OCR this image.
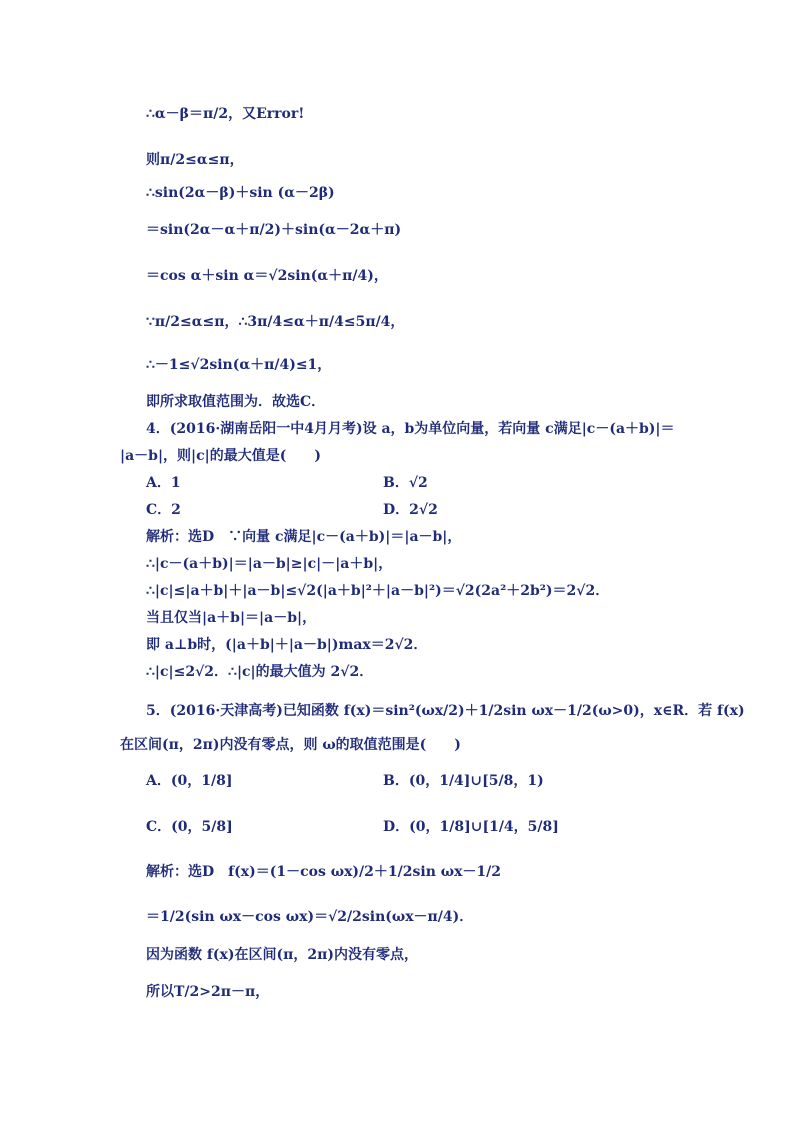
∴α－β＝π/2，又Error!
则π/2≤α≤π，
∴sin(2α－β)＋sin (α－2β)
＝sin(2α－α＋π/2)＋sin(α－2α＋π)
＝cos α＋sin α＝√2sin(α＋π/4)，
∵π/2≤α≤π，∴3π/4≤α＋π/4≤5π/4，
∴－1≤√2sin(α＋π/4)≤1，
即所求取值范围为．故选C．
4．(2016·湖南岳阳一中4月月考)设 a，b为单位向量，若向量 c满足|c－(a＋b)|＝
|a－b|，则|c|的最大值是(　　)
A．1	B．√2
C．2	D．2√2
解析：选D　∵向量 c满足|c－(a＋b)|＝|a－b|，
∴|c－(a＋b)|＝|a－b|≥|c|－|a＋b|，
∴|c|≤|a＋b|＋|a－b|≤√2(|a＋b|²＋|a－b|²)＝√2(2a²＋2b²)＝2√2．
当且仅当|a＋b|＝|a－b|，
即 a⊥b时，(|a＋b|＋|a－b|)max＝2√2．
∴|c|≤2√2．∴|c|的最大值为 2√2．
5．(2016·天津高考)已知函数 f(x)＝sin²(ωx/2)＋1/2sin ωx－1/2(ω>0)，x∈R．若 f(x)
在区间(π，2π)内没有零点，则 ω的取值范围是(　　)
A．(0，1/8]	B．(0，1/4]∪[5/8，1)
C．(0，5/8]	D．(0，1/8]∪[1/4，5/8]
解析：选D　f(x)＝(1－cos ωx)/2＋1/2sin ωx－1/2
＝1/2(sin ωx－cos ωx)＝√2/2sin(ωx－π/4)．
因为函数 f(x)在区间(π，2π)内没有零点，
所以T/2>2π－π，
